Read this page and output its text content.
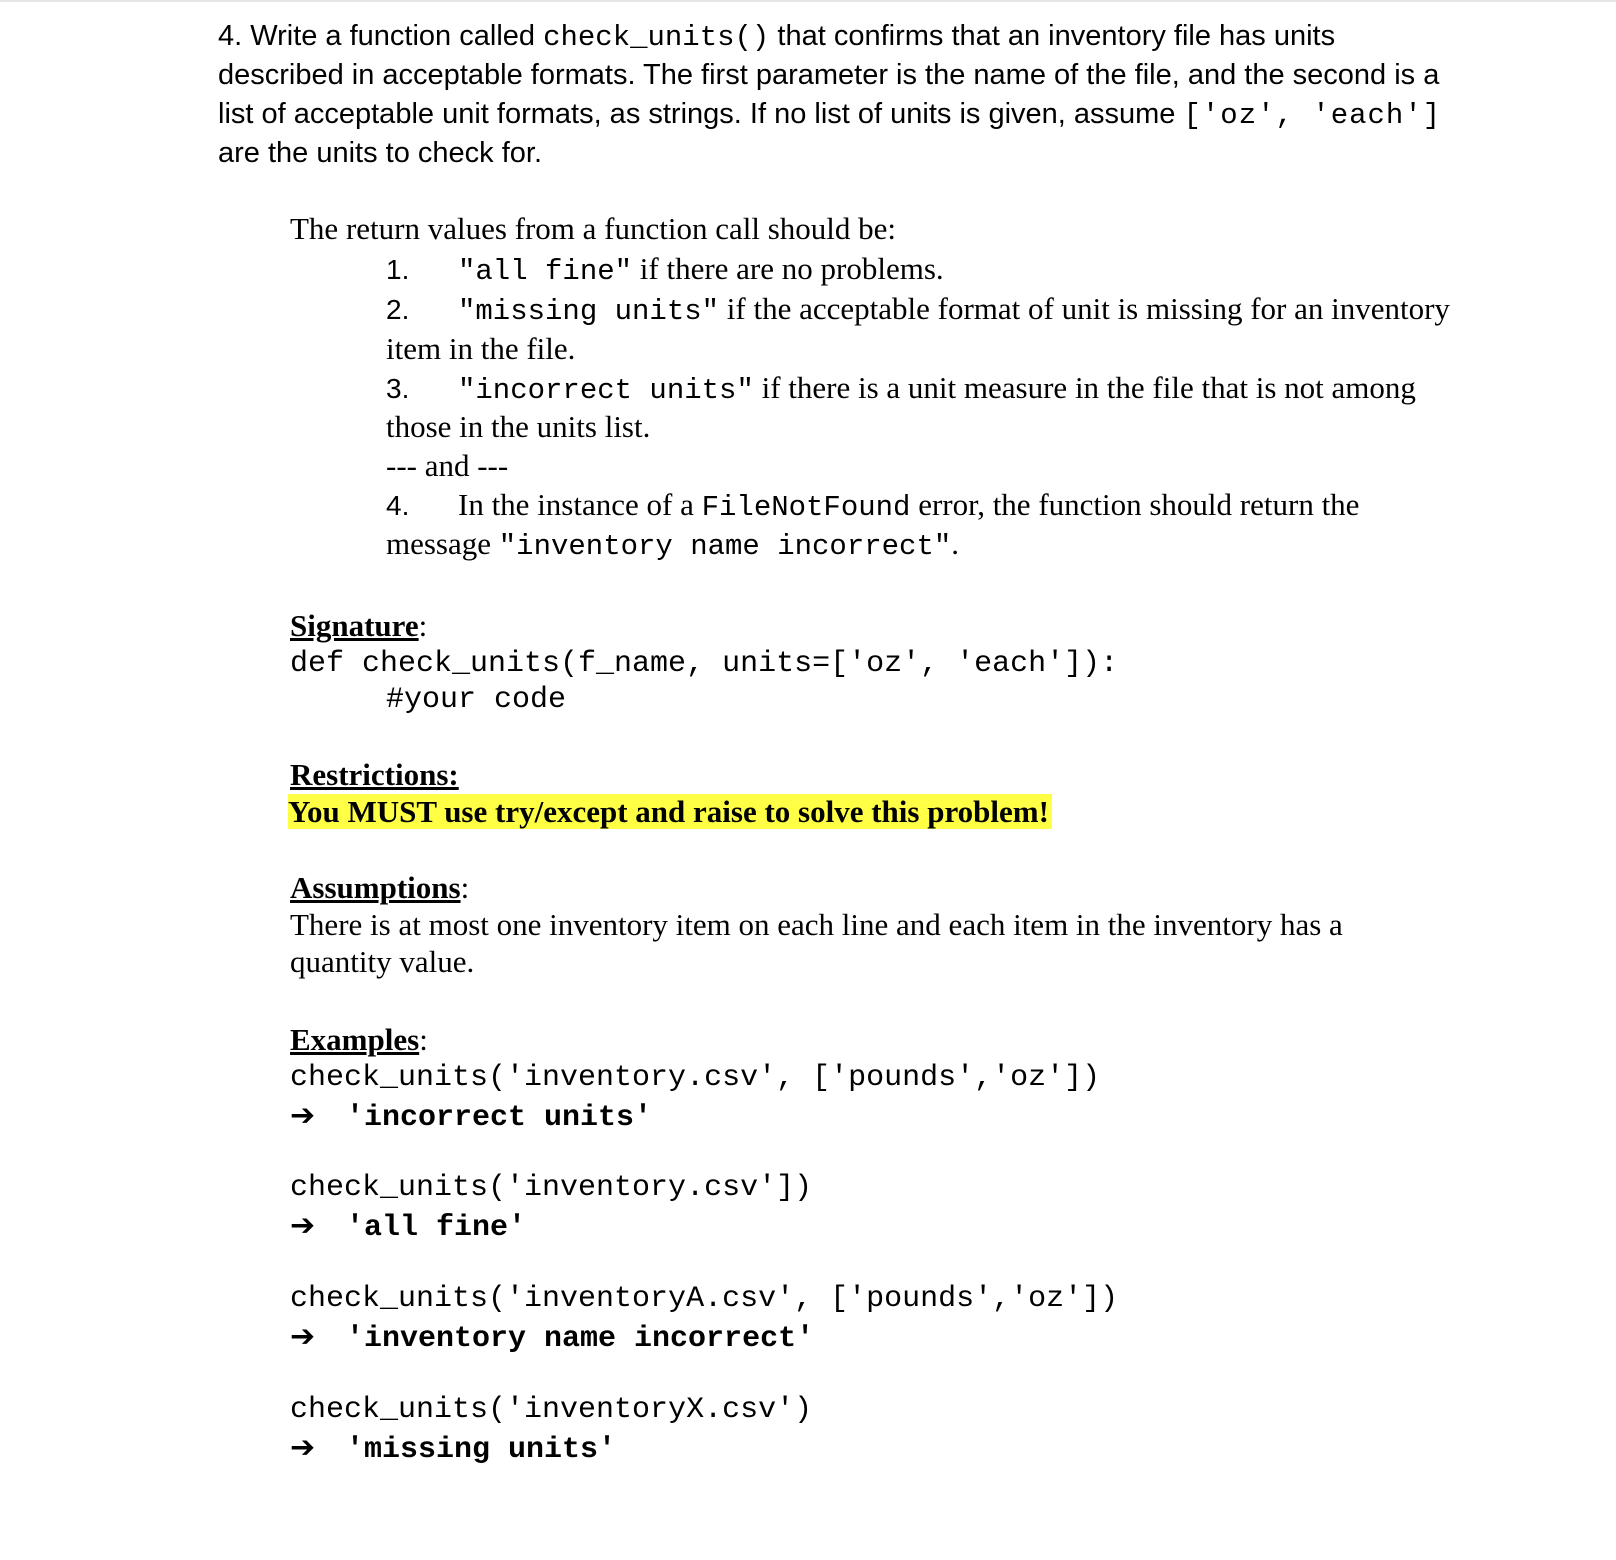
4. Write a function called check_units() that confirms that an inventory file has units

described in acceptable formats. The first parameter is the name of the file, and the second is a

list of acceptable unit formats, as strings. If no list of units is given, assume ['oz', 'each']

are the units to check for.

The return values from a function call should be:

1. "all fine" if there are no problems.

2. "missing units" if the acceptable format of unit is missing for an inventory

item in the file.

3. "incorrect units" if there is a unit measure in the file that is not among

those in the units list.

--- and ---

4. In the instance of a FileNotFound error, the function should return the

message "inventory name incorrect".

Signature:

def check_units(f_name, units=['oz', 'each']):

#your code

Restrictions:

You MUST use try/except and raise to solve this problem!

Assumptions:

There is at most one inventory item on each line and each item in the inventory has a

quantity value.

Examples:

check_units('inventory.csv', ['pounds','oz'])

➔ 'incorrect units'

check_units('inventory.csv'])

➔ 'all fine'

check_units('inventoryA.csv', ['pounds','oz'])

➔ 'inventory name incorrect'

check_units('inventoryX.csv')

➔ 'missing units'
